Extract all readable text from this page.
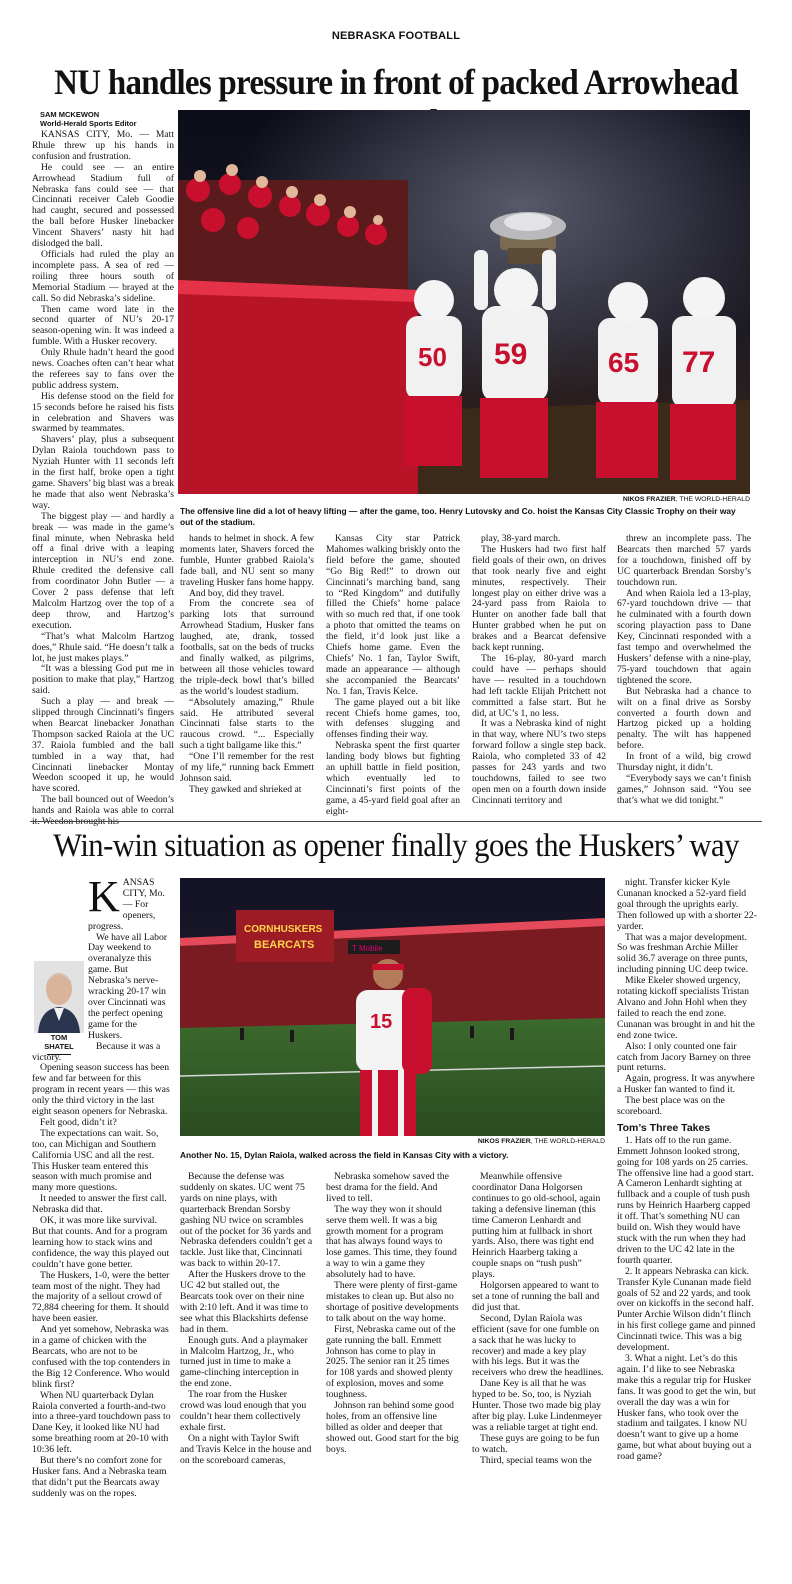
NEBRASKA FOOTBALL
NU handles pressure in front of packed Arrowhead
SAM MCKEWON
World-Herald Sports Editor

KANSAS CITY, Mo. — Matt Rhule threw up his hands in confusion and frustration.

He could see — an entire Arrowhead Stadium full of Nebraska fans could see — that Cincinnati receiver Caleb Goodie had caught, secured and possessed the ball before Husker linebacker Vincent Shavers’ nasty hit had dislodged the ball.

Officials had ruled the play an incomplete pass. A sea of red — roiling three hours south of Memorial Stadium — brayed at the call. So did Nebraska’s sideline.

Then came word late in the second quarter of NU’s 20-17 season-opening win. It was indeed a fumble. With a Husker recovery.

Only Rhule hadn’t heard the good news. Coaches often can’t hear what the referees say to fans over the public address system.

His defense stood on the field for 15 seconds before he raised his fists in celebration and Shavers was swarmed by teammates.

Shavers’ play, plus a subsequent Dylan Raiola touchdown pass to Nyziah Hunter with 11 seconds left in the first half, broke open a tight game. Shavers’ big blast was a break he made that also went Nebraska’s way.

The biggest play — and hardly a break — was made in the game’s final minute, when Nebraska held off a final drive with a leaping interception in NU’s end zone. Rhule credited the defensive call from coordinator John Butler — a Cover 2 pass defense that left Malcolm Hartzog over the top of a deep throw, and Hartzog’s execution.

“That’s what Malcolm Hartzog does,” Rhule said. “He doesn’t talk a lot, he just makes plays.”

“It was a blessing God put me in position to make that play,” Hartzog said.

Such a play — and break — slipped through Cincinnati’s fingers when Bearcat linebacker Jonathan Thompson sacked Raiola at the UC 37. Raiola fumbled and the ball tumbled in a way that, had Cincinnati linebacker Montay Weedon scooped it up, he would have scored.

The ball bounced out of Weedon’s hands and Raiola was able to corral it. Weedon brought his

50 59	65 77
NIKOS FRAZIER, THE WORLD-HERALD
The offensive line did a lot of heavy lifting — after the game, too. Henry Lutovsky and Co. hoist the Kansas City Classic Trophy on their way out of the stadium.

hands to helmet in shock. A few moments later, Shavers forced the fumble, Hunter grabbed Raiola’s fade ball, and NU sent so many traveling Husker fans home happy.

And boy, did they travel.

From the concrete sea of parking lots that surround Arrowhead Stadium, Husker fans laughed, ate, drank, tossed footballs, sat on the beds of trucks and finally walked, as pilgrims, between all those vehicles toward the triple-deck bowl that’s billed as the world’s loudest stadium.

“Absolutely amazing,” Rhule said. He attributed several Cincinnati false starts to the raucous crowd. “... Especially such a tight ballgame like this.”

“One I’ll remember for the rest of my life,” running back Emmett Johnson said.

They gawked and shrieked at

Kansas City star Patrick Mahomes walking briskly onto the field before the game, shouted “Go Big Red!” to drown out Cincinnati’s marching band, sang to “Red Kingdom” and dutifully filled the Chiefs’ home palace with so much red that, if one took a photo that omitted the teams on the field, it’d look just like a Chiefs home game. Even the Chiefs’ No. 1 fan, Taylor Swift, made an appearance — although she accompanied the Bearcats’ No. 1 fan, Travis Kelce.

The game played out a bit like recent Chiefs home games, too, with defenses slugging and offenses finding their way.

Nebraska spent the first quarter landing body blows but fighting an uphill battle in field position, which eventually led to Cincinnati’s first points of the game, a 45-yard field goal after an eight-

play, 38-yard march.

The Huskers had two first half field goals of their own, on drives that took nearly five and eight minutes, respectively. Their longest play on either drive was a 24-yard pass from Raiola to Hunter on another fade ball that Hunter grabbed when he put on brakes and a Bearcat defensive back kept running.

The 16-play, 80-yard march could have — perhaps should have — resulted in a touchdown had left tackle Elijah Pritchett not committed a false start. But he did, at UC’s 1, no less.

It was a Nebraska kind of night in that way, where NU’s two steps forward follow a single step back. Raiola, who completed 33 of 42 passes for 243 yards and two touchdowns, failed to see two open men on a fourth down inside Cincinnati territory and

threw an incomplete pass. The Bearcats then marched 57 yards for a touchdown, finished off by UC quarterback Brendan Sorsby’s touchdown run.

And when Raiola led a 13-play, 67-yard touchdown drive — that he culminated with a fourth down scoring playaction pass to Dane Key, Cincinnati responded with a fast tempo and overwhelmed the Huskers’ defense with a nine-play, 75-yard touchdown that again tightened the score.

But Nebraska had a chance to wilt on a final drive as Sorsby converted a fourth down and Hartzog picked up a holding penalty. The wilt has happened before.

In front of a wild, big crowd Thursday night, it didn’t.

“Everybody says we can’t finish games,” Johnson said. “You see that’s what we did tonight.”

Win-win situation as opener finally goes the Huskers’ way

KANSAS CITY, Mo. — For openers, progress.

We have all Labor Day weekend to overanalyze this game. But Nebraska’s nerve-wracking 20-17 win over Cincinnati was the perfect opening game for the Huskers.

Because it was a victory.

Opening season success has been few and far between for this program in recent years — this was only the third victory in the last eight season openers for Nebraska.

Felt good, didn’t it?

The expectations can wait. So, too, can Michigan and Southern California USC and all the rest. This Husker team entered this season with much promise and many more questions.

It needed to answer the first call. Nebraska did that.

OK, it was more like survival. But that counts. And for a program learning how to stack wins and confidence, the way this played out couldn’t have gone better.

The Huskers, 1-0, were the better team most of the night. They had the majority of a sellout crowd of 72,884 cheering for them. It should have been easier.

And yet somehow, Nebraska was in a game of chicken with the Bearcats, who are not to be confused with the top contenders in the Big 12 Conference. Who would blink first?

When NU quarterback Dylan Raiola converted a fourth-and-two into a three-yard touchdown pass to Dane Key, it looked like NU had some breathing room at 20-10 with 10:36 left.

But there’s no comfort zone for Husker fans. And a Nebraska team that didn’t put the Bearcats away suddenly was on the ropes.

TOM
SHATEL
CORNHUSKERS
BEARCATS	T Mobile
15
NIKOS FRAZIER, THE WORLD-HERALD
Another No. 15, Dylan Raiola, walked across the field in Kansas City with a victory.

Because the defense was suddenly on skates. UC went 75 yards on nine plays, with quarterback Brendan Sorsby gashing NU twice on scrambles out of the pocket for 36 yards and Nebraska defenders couldn’t get a tackle. Just like that, Cincinnati was back to within 20-17.

After the Huskers drove to the UC 42 but stalled out, the Bearcats took over on their nine with 2:10 left. And it was time to see what this Blackshirts defense had in them.

Enough guts. And a playmaker in Malcolm Hartzog, Jr., who turned just in time to make a game-clinching interception in the end zone.

The roar from the Husker crowd was loud enough that you couldn’t hear them collectively exhale first.

On a night with Taylor Swift and Travis Kelce in the house and on the scoreboard cameras,

Nebraska somehow saved the best drama for the field. And lived to tell.

The way they won it should serve them well. It was a big growth moment for a program that has always found ways to lose games. This time, they found a way to win a game they absolutely had to have.

There were plenty of first-game mistakes to clean up. But also no shortage of positive developments to talk about on the way home.

First, Nebraska came out of the gate running the ball. Emmett Johnson has come to play in 2025. The senior ran it 25 times for 108 yards and showed plenty of explosion, moves and some toughness.

Johnson ran behind some good holes, from an offensive line billed as older and deeper that showed out. Good start for the big boys.

Meanwhile offensive coordinator Dana Holgorsen continues to go old-school, again taking a defensive lineman (this time Cameron Lenhardt and putting him at fullback in short yards. Also, there was tight end Heinrich Haarberg taking a couple snaps on “tush push” plays.

Holgorsen appeared to want to set a tone of running the ball and did just that.

Second, Dylan Raiola was efficient (save for one fumble on a sack that he was lucky to recover) and made a key play with his legs. But it was the receivers who drew the headlines.

Dane Key is all that he was hyped to be. So, too, is Nyziah Hunter. Those two made big play after big play. Luke Lindenmeyer was a reliable target at tight end.

These guys are going to be fun to watch.

Third, special teams won the

night. Transfer kicker Kyle Cunanan knocked a 52-yard field goal through the uprights early. Then followed up with a shorter 22-yarder.

That was a major development. So was freshman Archie Miller solid 36.7 average on three punts, including pinning UC deep twice.

Mike Ekeler showed urgency, rotating kickoff specialists Tristan Alvano and John Hohl when they failed to reach the end zone. Cunanan was brought in and hit the end zone twice.

Also: I only counted one fair catch from Jacory Barney on three punt returns.

Again, progress. It was anywhere a Husker fan wanted to find it.

The best place was on the scoreboard.

Tom’s Three Takes

1. Hats off to the run game. Emmett Johnson looked strong, going for 108 yards on 25 carries. The offensive line had a good start. A Cameron Lenhardt sighting at fullback and a couple of tush push runs by Heinrich Haarberg capped it off. That’s something NU can build on. Wish they would have stuck with the run when they had driven to the UC 42 late in the fourth quarter.

2. It appears Nebraska can kick. Transfer Kyle Cunanan made field goals of 52 and 22 yards, and took over on kickoffs in the second half. Punter Archie Wilson didn’t flinch in his first college game and pinned Cincinnati twice. This was a big development.

3. What a night. Let’s do this again. I’d like to see Nebraska make this a regular trip for Husker fans. It was good to get the win, but overall the day was a win for Husker fans, who took over the stadium and tailgates. I know NU doesn’t want to give up a home game, but what about buying out a road game?
